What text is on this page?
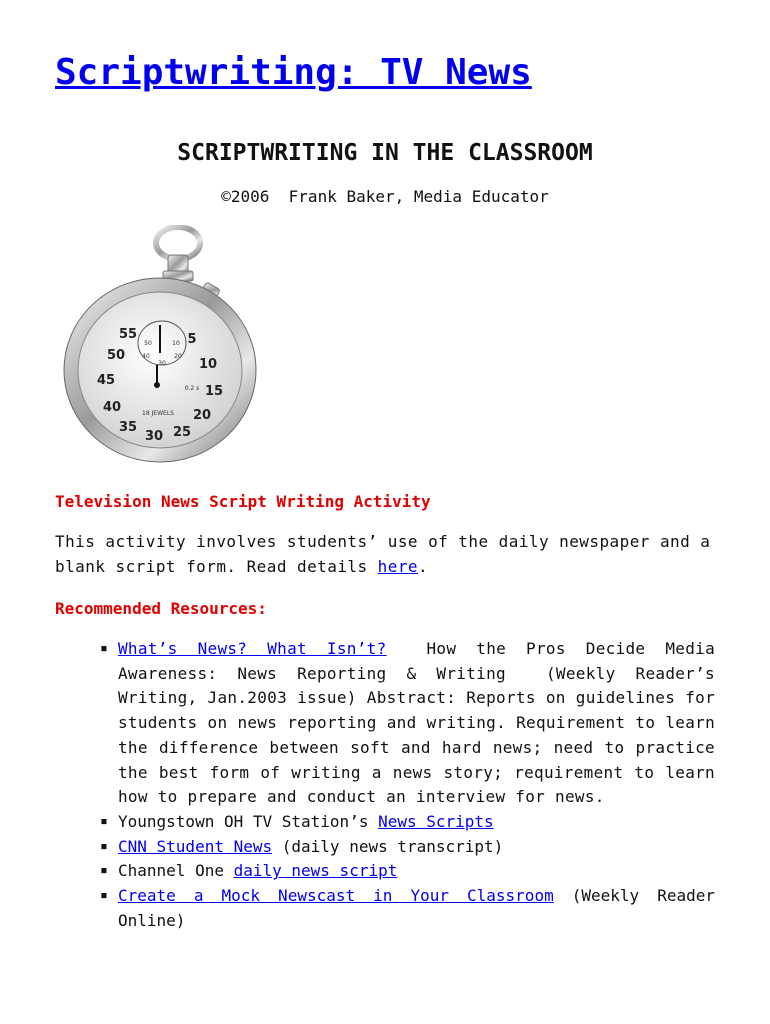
Scriptwriting: TV News
SCRIPTWRITING IN THE CLASSROOM
©2006  Frank Baker, Media Educator
55	5
10
15
20
25
30
35
40
45
50
50	10
40	20
30
18 JEWELS
0.2 s
Television News Script Writing Activity
This activity involves students’ use of the daily newspaper and a blank script form. Read details here.
Recommended Resources:
▪ What’s News? What Isn’t?  How the Pros Decide Media Awareness: News Reporting & Writing  (Weekly Reader’s Writing, Jan.2003 issue) Abstract: Reports on guidelines for students on news reporting and writing. Requirement to learn the difference between soft and hard news; need to practice the best form of writing a news story; requirement to learn how to prepare and conduct an interview for news.
▪ Youngstown OH TV Station’s News Scripts
▪ CNN Student News (daily news transcript)
▪ Channel One daily news script
▪ Create a Mock Newscast in Your Classroom (Weekly Reader Online)
